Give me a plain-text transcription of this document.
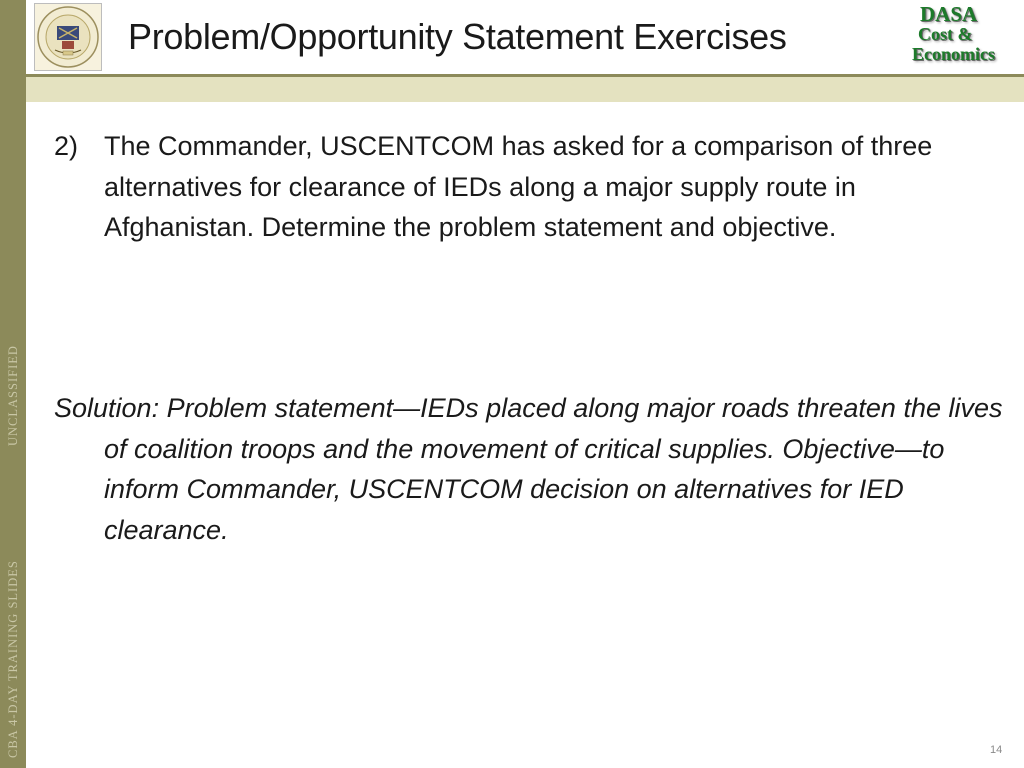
UNCLASSIFIED
CBA 4-DAY TRAINING SLIDES
Problem/Opportunity Statement Exercises
DASA
Cost &
Economics
2) The Commander, USCENTCOM has asked for a comparison of three alternatives for clearance of IEDs along a major supply route in Afghanistan. Determine the problem statement and objective.
Solution: Problem statement—IEDs placed along major roads threaten the lives of coalition troops and the movement of critical supplies. Objective—to inform Commander, USCENTCOM decision on alternatives for IED clearance.
14
